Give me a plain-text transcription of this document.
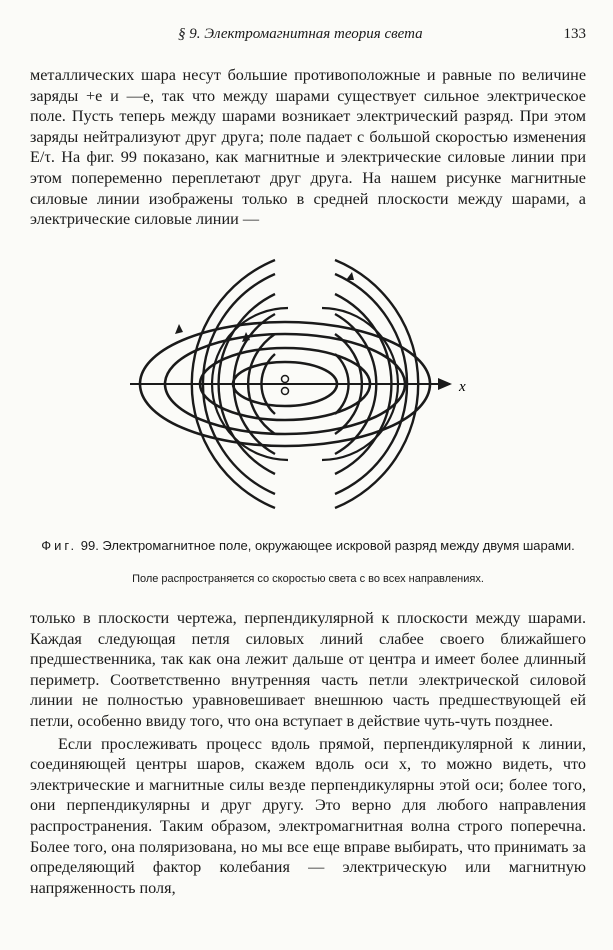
§ 9. Электромагнитная теория света	133

металлических шара несут большие противоположные и равные по величине заряды +e и —e, так что между шарами существует сильное электрическое поле. Пусть теперь между шарами возникает электрический разряд. При этом заряды нейтрализуют друг друга; поле падает с большой скоростью изменения E/τ. На фиг. 99 показано, как магнитные и электрические силовые линии при этом попеременно переплетают друг друга. На нашем рисунке магнитные силовые линии изображены только в средней плоскости между шарами, а электрические силовые линии —

x
Фиг. 99. Электромагнитное поле, окружающее искровой разряд между двумя шарами.
Поле распространяется со скоростью света c во всех направлениях.

только в плоскости чертежа, перпендикулярной к плоскости между шарами. Каждая следующая петля силовых линий слабее своего ближайшего предшественника, так как она лежит дальше от центра и имеет более длинный периметр. Соответственно внутренняя часть петли электрической силовой линии не полностью уравновешивает внешнюю часть предшествующей ей петли, особенно ввиду того, что она вступает в действие чуть-чуть позднее.

Если прослеживать процесс вдоль прямой, перпендикулярной к линии, соединяющей центры шаров, скажем вдоль оси x, то можно видеть, что электрические и магнитные силы везде перпендикулярны этой оси; более того, они перпендикулярны и друг другу. Это верно для любого направления распространения. Таким образом, электромагнитная волна строго поперечна. Более того, она поляризована, но мы все еще вправе выбирать, что принимать за определяющий фактор колебания — электрическую или магнитную напряженность поля,
